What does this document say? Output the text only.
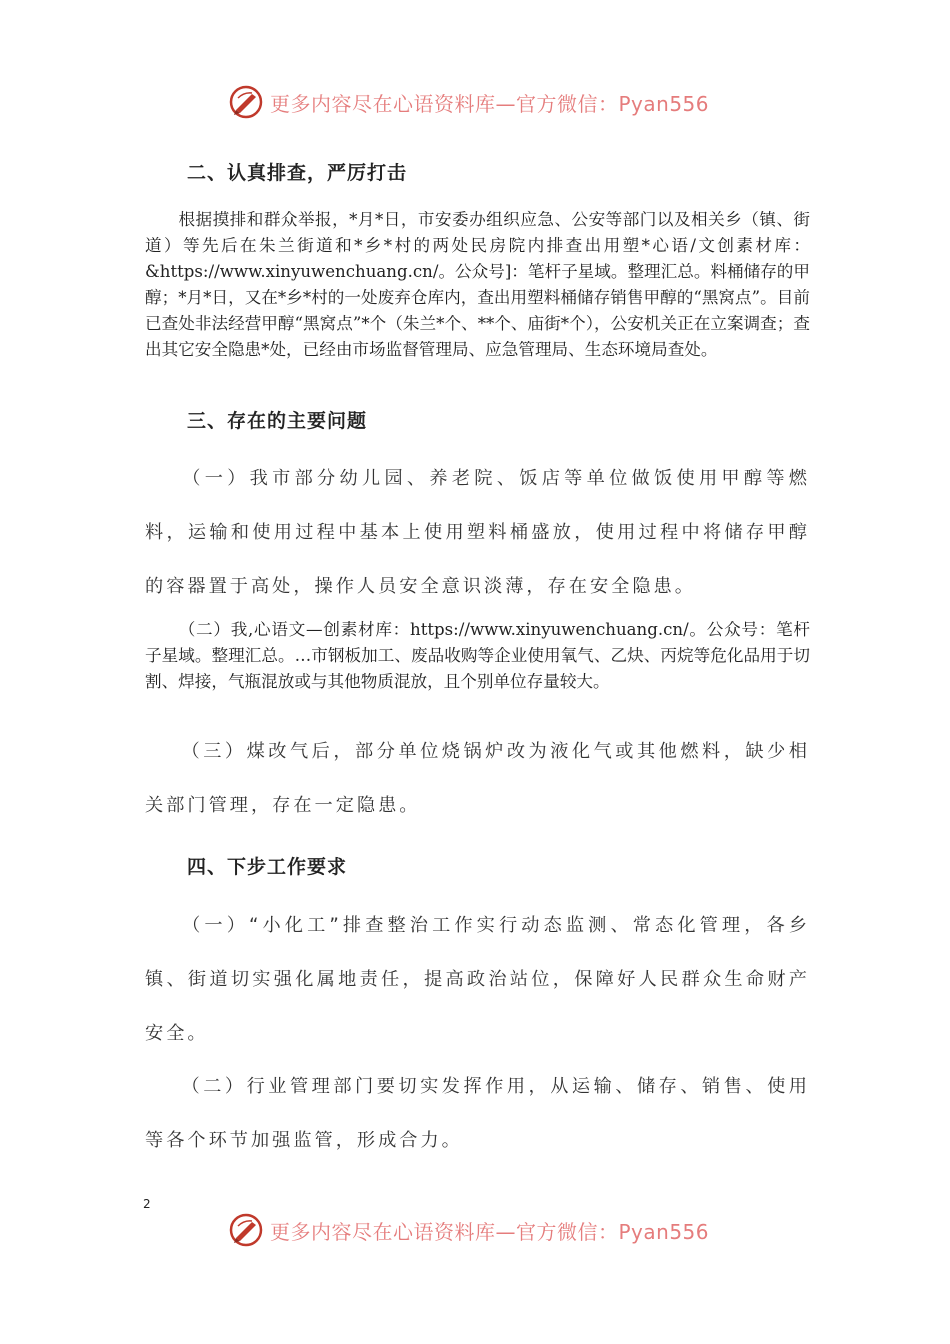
更多内容尽在心语资料库—官方微信：Pyan556
二、认真排查，严厉打击
根据摸排和群众举报，*月*日，市安委办组织应急、公安等部门以及相关乡（镇、街道）等先后在朱兰街道和*乡*村的两处民房院内排查出用塑*心语/文创素材库：&https://www.xinyuwenchuang.cn/。公众号]：笔杆子星域。整理汇总。料桶储存的甲醇；*月*日，又在*乡*村的一处废弃仓库内，查出用塑料桶储存销售甲醇的“黑窝点”。目前已查处非法经营甲醇“黑窝点”*个（朱兰*个、**个、庙街*个），公安机关正在立案调查；查出其它安全隐患*处，已经由市场监督管理局、应急管理局、生态环境局查处。
三、存在的主要问题
（一）我市部分幼儿园、养老院、饭店等单位做饭使用甲醇等燃料，运输和使用过程中基本上使用塑料桶盛放，使用过程中将储存甲醇的容器置于高处，操作人员安全意识淡薄，存在安全隐患。
（二）我,心语文—创素材库：https://www.xinyuwenchuang.cn/。公众号：笔杆子星域。整理汇总。…市钢板加工、废品收购等企业使用氧气、乙炔、丙烷等危化品用于切割、焊接，气瓶混放或与其他物质混放，且个别单位存量较大。
（三）煤改气后，部分单位烧锅炉改为液化气或其他燃料，缺少相关部门管理，存在一定隐患。
四、下步工作要求
（一）“小化工”排查整治工作实行动态监测、常态化管理，各乡镇、街道切实强化属地责任，提高政治站位，保障好人民群众生命财产安全。
（二）行业管理部门要切实发挥作用，从运输、储存、销售、使用等各个环节加强监管，形成合力。
2
更多内容尽在心语资料库—官方微信：Pyan556
